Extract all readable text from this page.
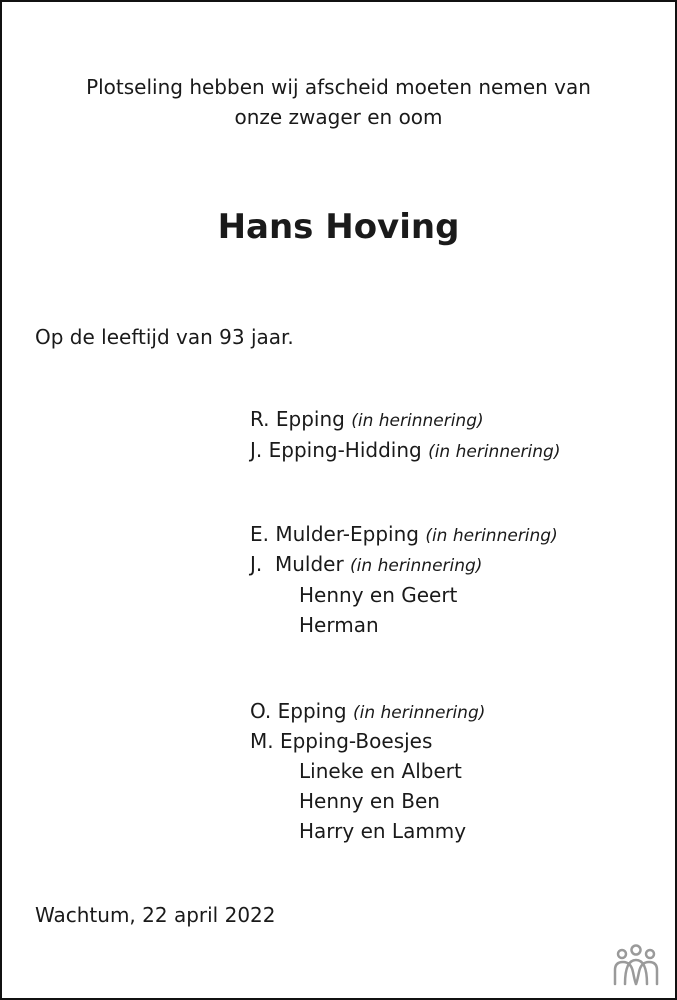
Plotseling hebben wij afscheid moeten nemen van
onze zwager en oom
Hans Hoving
Op de leeftijd van 93 jaar.
R. Epping (in herinnering)
J. Epping-Hidding (in herinnering)
E. Mulder-Epping (in herinnering)
J.  Mulder (in herinnering)
Henny en Geert
Herman
O. Epping (in herinnering)
M. Epping-Boesjes
Lineke en Albert
Henny en Ben
Harry en Lammy
Wachtum, 22 april 2022
